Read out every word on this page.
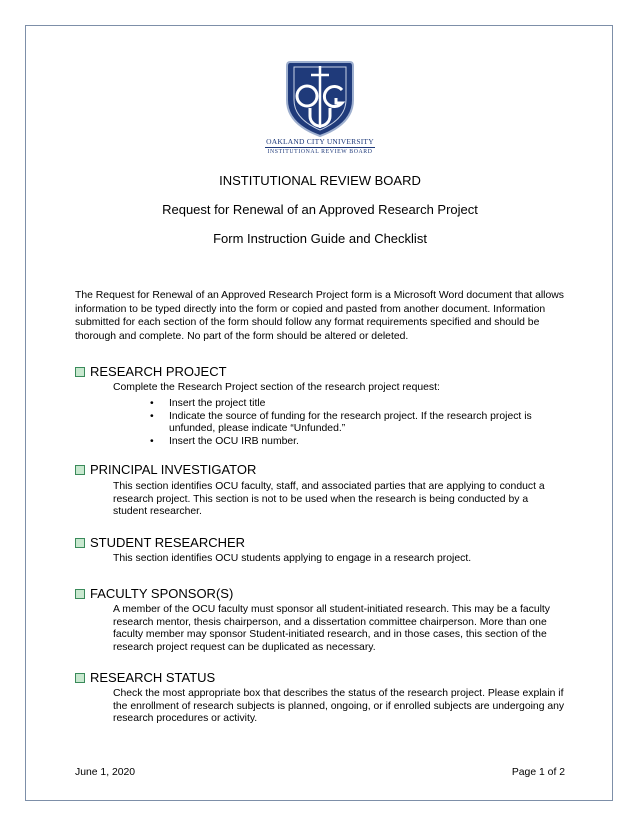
OAKLAND CITY UNIVERSITY
INSTITUTIONAL REVIEW BOARD
INSTITUTIONAL REVIEW BOARD
Request for Renewal of an Approved Research Project
Form Instruction Guide and Checklist
The Request for Renewal of an Approved Research Project form is a Microsoft Word document that allows information to be typed directly into the form or copied and pasted from another document. Information submitted for each section of the form should follow any format requirements specified and should be thorough and complete. No part of the form should be altered or deleted.
RESEARCH PROJECT
Complete the Research Project section of the research project request:
• Insert the project title
• Indicate the source of funding for the research project. If the research project is unfunded, please indicate “Unfunded.”
• Insert the OCU IRB number.
PRINCIPAL INVESTIGATOR
This section identifies OCU faculty, staff, and associated parties that are applying to conduct a research project. This section is not to be used when the research is being conducted by a student researcher.
STUDENT RESEARCHER
This section identifies OCU students applying to engage in a research project.
FACULTY SPONSOR(S)
A member of the OCU faculty must sponsor all student-initiated research. This may be a faculty research mentor, thesis chairperson, and a dissertation committee chairperson. More than one faculty member may sponsor Student-initiated research, and in those cases, this section of the research project request can be duplicated as necessary.
RESEARCH STATUS
Check the most appropriate box that describes the status of the research project. Please explain if the enrollment of research subjects is planned, ongoing, or if enrolled subjects are undergoing any research procedures or activity.
June 1, 2020	Page 1 of 2
